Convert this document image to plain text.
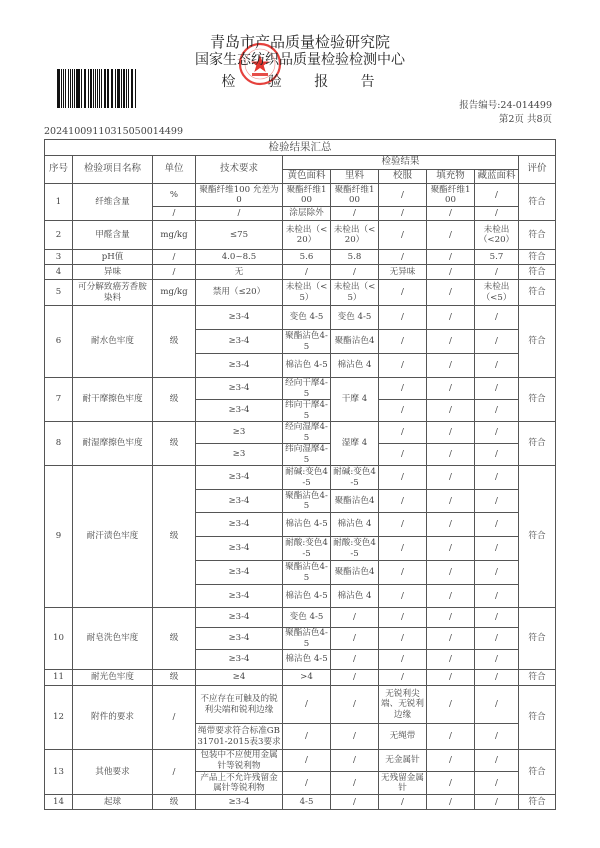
青岛市产品质量检验研究院
国家生态纺织品质量检验检测中心
检 验 报 告
报告编号:24-014499
第2页 共8页
20241009110315050014499
检验结果汇总									
序号	检验项目名称	单位	技术要求	检验结果					评价
				黄色面料	里料	校服	填充物	藏蓝面料	
1	纤维含量	%	聚酯纤维100 允差为0	聚酯纤维100	聚酯纤维100	/	聚酯纤维100	/	符合
		/	/	涂层除外	/	/	/	/	
2	甲醛含量	mg/kg	≤75	未检出（<20）	未检出（<20）	/	/	未检出（<20）	符合
3	pH值	/	4.0~8.5	5.6	5.8	/	/	5.7	符合
4	异味	/	无	/	/	无异味	/	/	符合
5	可分解致癌芳香胺染料	mg/kg	禁用（≤20）	未检出（<5）	未检出（<5）	/	/	未检出（<5）	符合
6	耐水色牢度	级	≥3-4	变色 4-5	变色 4-5	/	/	/	符合
			≥3-4	聚酯沾色4-5	聚酯沾色4	/	/	/	
			≥3-4	棉沾色 4-5	棉沾色 4	/	/	/	
7	耐干摩擦色牢度	级	≥3-4	经向干摩4-5	干摩 4	/	/	/	符合
			≥3-4	纬向干摩4-5		/	/	/	
8	耐湿摩擦色牢度	级	≥3	经向湿摩4-5	湿摩 4	/	/	/	符合
			≥3	纬向湿摩4-5		/	/	/	
9	耐汗渍色牢度	级	≥3-4	耐碱:变色4-5	耐碱:变色4-5	/	/	/	符合
			≥3-4	聚酯沾色4-5	聚酯沾色4	/	/	/	
			≥3-4	棉沾色 4-5	棉沾色 4	/	/	/	
			≥3-4	耐酸:变色4-5	耐酸:变色4-5	/	/	/	
			≥3-4	聚酯沾色4-5	聚酯沾色4	/	/	/	
			≥3-4	棉沾色 4-5	棉沾色 4	/	/	/	
10	耐皂洗色牢度	级	≥3-4	变色 4-5	/	/	/	/	符合
			≥3-4	聚酯沾色4-5	/	/	/	/	
			≥3-4	棉沾色 4-5	/	/	/	/	
11	耐光色牢度	级	≥4	>4	/	/	/	/	符合
12	附件的要求	/	不应存在可触及的锐利尖端和锐利边缘	/	/	无锐利尖端、无锐利边缘	/	/	符合
			绳带要求符合标准GB 31701-2015表3要求	/	/	无绳带	/	/	
13	其他要求	/	包装中不应使用金属针等锐利物	/	/	无金属针	/	/	符合
			产品上不允许残留金属针等锐利物	/	/	无残留金属针	/	/	
14	起球	级	≥3-4	4-5	/	/	/	/	符合
